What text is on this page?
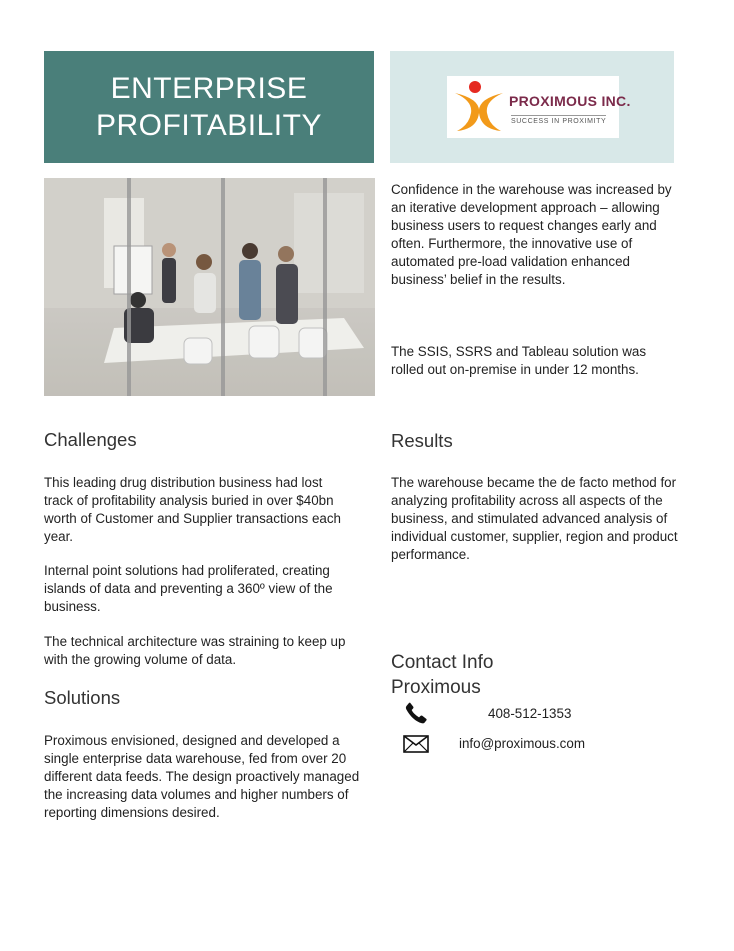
ENTERPRISE
PROFITABILITY
PROXIMOUS INC.
SUCCESS IN PROXIMITY

Confidence in the warehouse was increased by an iterative development approach – allowing business users to request changes early and often. Furthermore, the innovative use of automated pre-load validation enhanced business’ belief in the results.

The SSIS, SSRS and Tableau solution was rolled out on-premise in under 12 months.

Challenges

This leading drug distribution business had lost track of profitability analysis buried in over $40bn worth of Customer and Supplier transactions each year.

Internal point solutions had proliferated, creating islands of data and preventing a 360º view of the business.

The technical architecture was straining to keep up with the growing volume of data.

Solutions

Proximous envisioned, designed and developed a single enterprise data warehouse, fed from over 20 different data feeds. The design proactively managed the increasing data volumes and higher numbers of reporting dimensions desired.

Results

The warehouse became the de facto method for analyzing profitability across all aspects of the business, and stimulated advanced analysis of individual customer, supplier, region and product performance.

Contact Info
Proximous
408-512-1353
info@proximous.com
